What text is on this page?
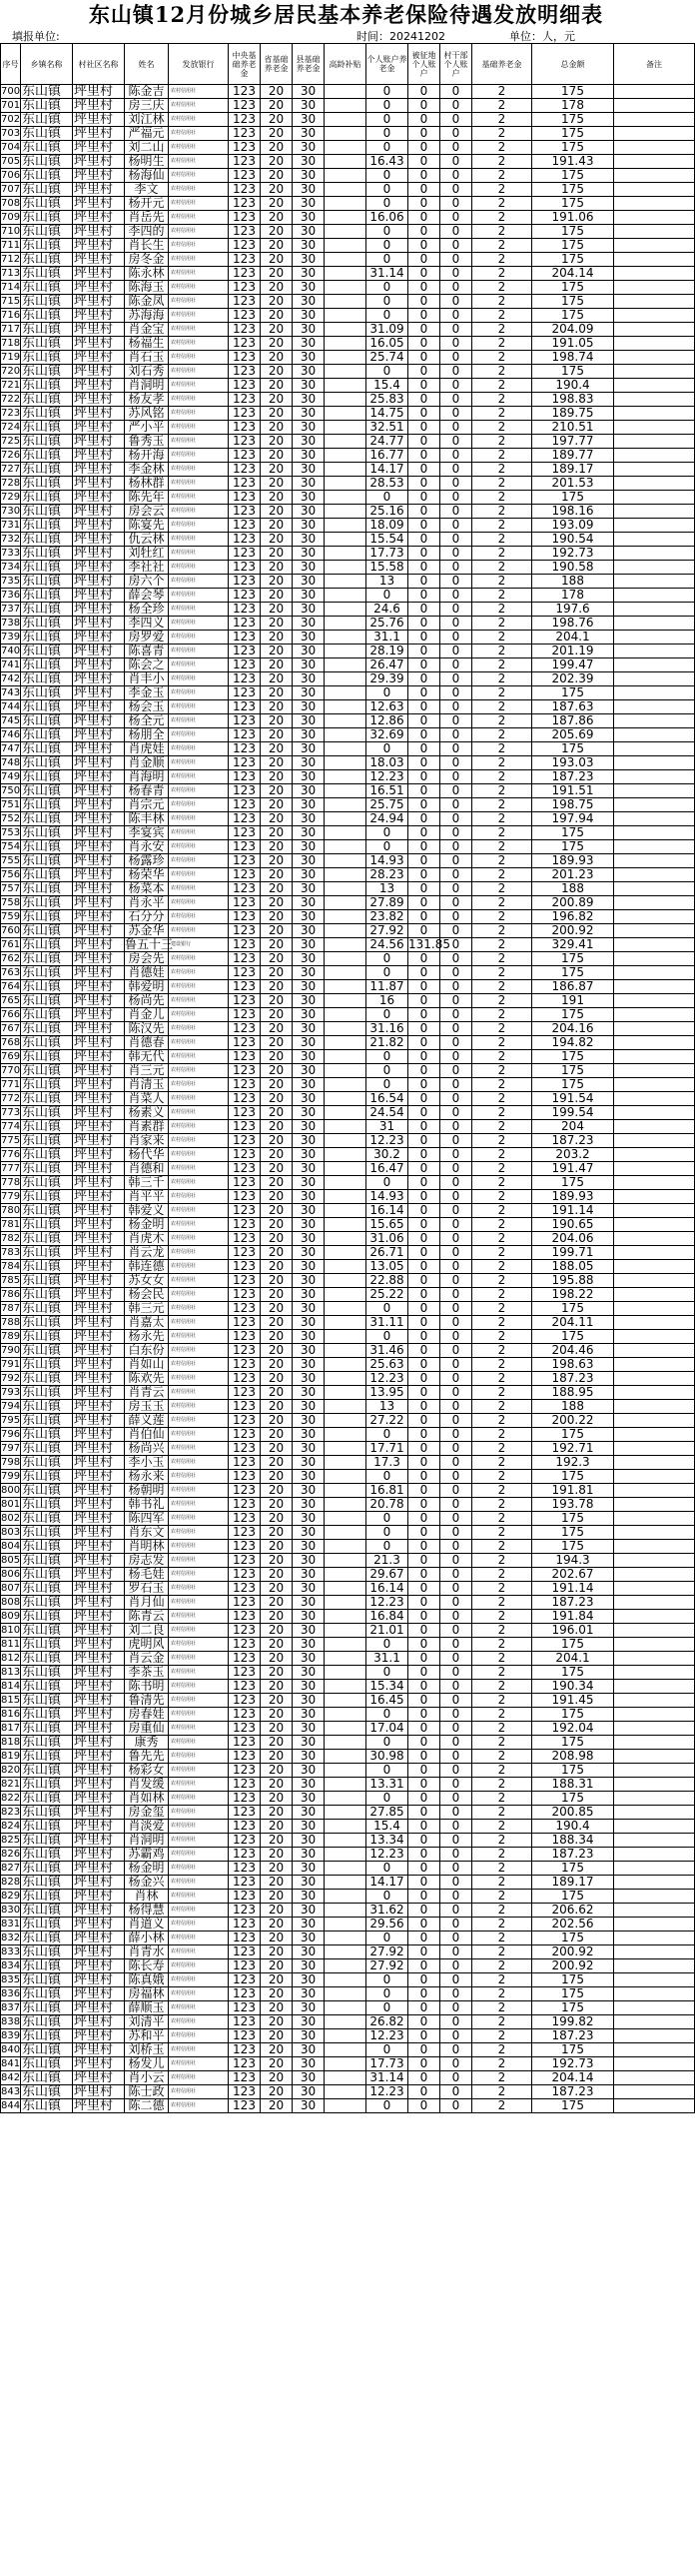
东山镇12月份城乡居民基本养老保险待遇发放明细表
填报单位:	时间：20241202	单位：人，元
序号	乡镇名称	村社区名称	姓名	发放银行	中央基础养老金	省基础养老金	县基础养老金	高龄补贴	个人账户养老金	被征地个人账户	村干部个人账户	基础养老金	总金额	备注
700	东山镇	坪里村	陈金吉	农村信用社	123	20	30		0	0	0	2	175	
701	东山镇	坪里村	房三庆	农村信用社	123	20	30		0	0	0	2	178	
702	东山镇	坪里村	刘江林	农村信用社	123	20	30		0	0	0	2	175	
703	东山镇	坪里村	严福元	农村信用社	123	20	30		0	0	0	2	175	
704	东山镇	坪里村	刘二山	农村信用社	123	20	30		0	0	0	2	175	
705	东山镇	坪里村	杨明生	农村信用社	123	20	30		16.43	0	0	2	191.43	
706	东山镇	坪里村	杨海仙	农村信用社	123	20	30		0	0	0	2	175	
707	东山镇	坪里村	李文	农村信用社	123	20	30		0	0	0	2	175	
708	东山镇	坪里村	杨开元	农村信用社	123	20	30		0	0	0	2	175	
709	东山镇	坪里村	肖岳先	农村信用社	123	20	30		16.06	0	0	2	191.06	
710	东山镇	坪里村	李四的	农村信用社	123	20	30		0	0	0	2	175	
711	东山镇	坪里村	肖长生	农村信用社	123	20	30		0	0	0	2	175	
712	东山镇	坪里村	房冬金	农村信用社	123	20	30		0	0	0	2	175	
713	东山镇	坪里村	陈永林	农村信用社	123	20	30		31.14	0	0	2	204.14	
714	东山镇	坪里村	陈海玉	农村信用社	123	20	30		0	0	0	2	175	
715	东山镇	坪里村	陈金凤	农村信用社	123	20	30		0	0	0	2	175	
716	东山镇	坪里村	苏海海	农村信用社	123	20	30		0	0	0	2	175	
717	东山镇	坪里村	肖金宝	农村信用社	123	20	30		31.09	0	0	2	204.09	
718	东山镇	坪里村	杨福生	农村信用社	123	20	30		16.05	0	0	2	191.05	
719	东山镇	坪里村	肖石玉	农村信用社	123	20	30		25.74	0	0	2	198.74	
720	东山镇	坪里村	刘石秀	农村信用社	123	20	30		0	0	0	2	175	
721	东山镇	坪里村	肖洞明	农村信用社	123	20	30		15.4	0	0	2	190.4	
722	东山镇	坪里村	杨友孝	农村信用社	123	20	30		25.83	0	0	2	198.83	
723	东山镇	坪里村	苏风铭	农村信用社	123	20	30		14.75	0	0	2	189.75	
724	东山镇	坪里村	严小平	农村信用社	123	20	30		32.51	0	0	2	210.51	
725	东山镇	坪里村	鲁秀玉	农村信用社	123	20	30		24.77	0	0	2	197.77	
726	东山镇	坪里村	杨开海	农村信用社	123	20	30		16.77	0	0	2	189.77	
727	东山镇	坪里村	李金林	农村信用社	123	20	30		14.17	0	0	2	189.17	
728	东山镇	坪里村	杨林群	农村信用社	123	20	30		28.53	0	0	2	201.53	
729	东山镇	坪里村	陈先年	农村信用社	123	20	30		0	0	0	2	175	
730	东山镇	坪里村	房会云	农村信用社	123	20	30		25.16	0	0	2	198.16	
731	东山镇	坪里村	陈宴先	农村信用社	123	20	30		18.09	0	0	2	193.09	
732	东山镇	坪里村	仇云林	农村信用社	123	20	30		15.54	0	0	2	190.54	
733	东山镇	坪里村	刘牡红	农村信用社	123	20	30		17.73	0	0	2	192.73	
734	东山镇	坪里村	李社社	农村信用社	123	20	30		15.58	0	0	2	190.58	
735	东山镇	坪里村	房六个	农村信用社	123	20	30		13	0	0	2	188	
736	东山镇	坪里村	薛会琴	农村信用社	123	20	30		0	0	0	2	178	
737	东山镇	坪里村	杨全珍	农村信用社	123	20	30		24.6	0	0	2	197.6	
738	东山镇	坪里村	李四义	农村信用社	123	20	30		25.76	0	0	2	198.76	
739	东山镇	坪里村	房罗爱	农村信用社	123	20	30		31.1	0	0	2	204.1	
740	东山镇	坪里村	陈喜青	农村信用社	123	20	30		28.19	0	0	2	201.19	
741	东山镇	坪里村	陈会之	农村信用社	123	20	30		26.47	0	0	2	199.47	
742	东山镇	坪里村	肖丰小	农村信用社	123	20	30		29.39	0	0	2	202.39	
743	东山镇	坪里村	李金玉	农村信用社	123	20	30		0	0	0	2	175	
744	东山镇	坪里村	杨会玉	农村信用社	123	20	30		12.63	0	0	2	187.63	
745	东山镇	坪里村	杨全元	农村信用社	123	20	30		12.86	0	0	2	187.86	
746	东山镇	坪里村	杨朋全	农村信用社	123	20	30		32.69	0	0	2	205.69	
747	东山镇	坪里村	肖虎娃	农村信用社	123	20	30		0	0	0	2	175	
748	东山镇	坪里村	肖金顺	农村信用社	123	20	30		18.03	0	0	2	193.03	
749	东山镇	坪里村	肖海明	农村信用社	123	20	30		12.23	0	0	2	187.23	
750	东山镇	坪里村	杨春青	农村信用社	123	20	30		16.51	0	0	2	191.51	
751	东山镇	坪里村	肖宗元	农村信用社	123	20	30		25.75	0	0	2	198.75	
752	东山镇	坪里村	陈丰林	农村信用社	123	20	30		24.94	0	0	2	197.94	
753	东山镇	坪里村	李宴宾	农村信用社	123	20	30		0	0	0	2	175	
754	东山镇	坪里村	肖永安	农村信用社	123	20	30		0	0	0	2	175	
755	东山镇	坪里村	杨露珍	农村信用社	123	20	30		14.93	0	0	2	189.93	
756	东山镇	坪里村	杨荣华	农村信用社	123	20	30		28.23	0	0	2	201.23	
757	东山镇	坪里村	杨菜本	农村信用社	123	20	30		13	0	0	2	188	
758	东山镇	坪里村	肖永平	农村信用社	123	20	30		27.89	0	0	2	200.89	
759	东山镇	坪里村	石分分	农村信用社	123	20	30		23.82	0	0	2	196.82	
760	东山镇	坪里村	苏金华	农村信用社	123	20	30		27.92	0	0	2	200.92	
761	东山镇	坪里村	鲁五十三	建设银行	123	20	30		24.56	131.85	0	2	329.41	
762	东山镇	坪里村	房会先	农村信用社	123	20	30		0	0	0	2	175	
763	东山镇	坪里村	肖德娃	农村信用社	123	20	30		0	0	0	2	175	
764	东山镇	坪里村	韩爱明	农村信用社	123	20	30		11.87	0	0	2	186.87	
765	东山镇	坪里村	杨尚先	农村信用社	123	20	30		16	0	0	2	191	
766	东山镇	坪里村	肖金儿	农村信用社	123	20	30		0	0	0	2	175	
767	东山镇	坪里村	陈汉先	农村信用社	123	20	30		31.16	0	0	2	204.16	
768	东山镇	坪里村	肖德春	农村信用社	123	20	30		21.82	0	0	2	194.82	
769	东山镇	坪里村	韩无代	农村信用社	123	20	30		0	0	0	2	175	
770	东山镇	坪里村	肖三元	农村信用社	123	20	30		0	0	0	2	175	
771	东山镇	坪里村	肖清玉	农村信用社	123	20	30		0	0	0	2	175	
772	东山镇	坪里村	肖菜人	农村信用社	123	20	30		16.54	0	0	2	191.54	
773	东山镇	坪里村	杨素义	农村信用社	123	20	30		24.54	0	0	2	199.54	
774	东山镇	坪里村	肖素群	农村信用社	123	20	30		31	0	0	2	204	
775	东山镇	坪里村	肖家来	农村信用社	123	20	30		12.23	0	0	2	187.23	
776	东山镇	坪里村	杨代华	农村信用社	123	20	30		30.2	0	0	2	203.2	
777	东山镇	坪里村	肖德和	农村信用社	123	20	30		16.47	0	0	2	191.47	
778	东山镇	坪里村	韩三千	农村信用社	123	20	30		0	0	0	2	175	
779	东山镇	坪里村	肖平平	农村信用社	123	20	30		14.93	0	0	2	189.93	
780	东山镇	坪里村	韩爱义	农村信用社	123	20	30		16.14	0	0	2	191.14	
781	东山镇	坪里村	杨金明	农村信用社	123	20	30		15.65	0	0	2	190.65	
782	东山镇	坪里村	肖虎木	农村信用社	123	20	30		31.06	0	0	2	204.06	
783	东山镇	坪里村	肖云龙	农村信用社	123	20	30		26.71	0	0	2	199.71	
784	东山镇	坪里村	韩连德	农村信用社	123	20	30		13.05	0	0	2	188.05	
785	东山镇	坪里村	苏女女	农村信用社	123	20	30		22.88	0	0	2	195.88	
786	东山镇	坪里村	杨会民	农村信用社	123	20	30		25.22	0	0	2	198.22	
787	东山镇	坪里村	韩三元	农村信用社	123	20	30		0	0	0	2	175	
788	东山镇	坪里村	肖嘉太	农村信用社	123	20	30		31.11	0	0	2	204.11	
789	东山镇	坪里村	杨永先	农村信用社	123	20	30		0	0	0	2	175	
790	东山镇	坪里村	白东份	农村信用社	123	20	30		31.46	0	0	2	204.46	
791	东山镇	坪里村	肖如山	农村信用社	123	20	30		25.63	0	0	2	198.63	
792	东山镇	坪里村	陈欢先	农村信用社	123	20	30		12.23	0	0	2	187.23	
793	东山镇	坪里村	肖青云	农村信用社	123	20	30		13.95	0	0	2	188.95	
794	东山镇	坪里村	房玉玉	农村信用社	123	20	30		13	0	0	2	188	
795	东山镇	坪里村	薛义莲	农村信用社	123	20	30		27.22	0	0	2	200.22	
796	东山镇	坪里村	肖伯仙	农村信用社	123	20	30		0	0	0	2	175	
797	东山镇	坪里村	杨尚兴	农村信用社	123	20	30		17.71	0	0	2	192.71	
798	东山镇	坪里村	李小玉	农村信用社	123	20	30		17.3	0	0	2	192.3	
799	东山镇	坪里村	杨永来	农村信用社	123	20	30		0	0	0	2	175	
800	东山镇	坪里村	杨朝明	农村信用社	123	20	30		16.81	0	0	2	191.81	
801	东山镇	坪里村	韩书礼	农村信用社	123	20	30		20.78	0	0	2	193.78	
802	东山镇	坪里村	陈四军	农村信用社	123	20	30		0	0	0	2	175	
803	东山镇	坪里村	肖东文	农村信用社	123	20	30		0	0	0	2	175	
804	东山镇	坪里村	肖明林	农村信用社	123	20	30		0	0	0	2	175	
805	东山镇	坪里村	房志发	农村信用社	123	20	30		21.3	0	0	2	194.3	
806	东山镇	坪里村	杨毛娃	农村信用社	123	20	30		29.67	0	0	2	202.67	
807	东山镇	坪里村	罗石玉	农村信用社	123	20	30		16.14	0	0	2	191.14	
808	东山镇	坪里村	肖月仙	农村信用社	123	20	30		12.23	0	0	2	187.23	
809	东山镇	坪里村	陈青云	农村信用社	123	20	30		16.84	0	0	2	191.84	
810	东山镇	坪里村	刘二良	农村信用社	123	20	30		21.01	0	0	2	196.01	
811	东山镇	坪里村	虎明风	农村信用社	123	20	30		0	0	0	2	175	
812	东山镇	坪里村	肖云金	农村信用社	123	20	30		31.1	0	0	2	204.1	
813	东山镇	坪里村	李茶玉	农村信用社	123	20	30		0	0	0	2	175	
814	东山镇	坪里村	陈书明	农村信用社	123	20	30		15.34	0	0	2	190.34	
815	东山镇	坪里村	鲁清先	农村信用社	123	20	30		16.45	0	0	2	191.45	
816	东山镇	坪里村	房春娃	农村信用社	123	20	30		0	0	0	2	175	
817	东山镇	坪里村	房重仙	农村信用社	123	20	30		17.04	0	0	2	192.04	
818	东山镇	坪里村	康秀	农村信用社	123	20	30		0	0	0	2	175	
819	东山镇	坪里村	鲁先先	农村信用社	123	20	30		30.98	0	0	2	208.98	
820	东山镇	坪里村	杨彩女	农村信用社	123	20	30		0	0	0	2	175	
821	东山镇	坪里村	肖发缓	农村信用社	123	20	30		13.31	0	0	2	188.31	
822	东山镇	坪里村	肖如林	农村信用社	123	20	30		0	0	0	2	175	
823	东山镇	坪里村	房金玺	农村信用社	123	20	30		27.85	0	0	2	200.85	
824	东山镇	坪里村	肖淡爱	农村信用社	123	20	30		15.4	0	0	2	190.4	
825	东山镇	坪里村	肖洞明	农村信用社	123	20	30		13.34	0	0	2	188.34	
826	东山镇	坪里村	苏霸鸡	农村信用社	123	20	30		12.23	0	0	2	187.23	
827	东山镇	坪里村	杨金明	农村信用社	123	20	30		0	0	0	2	175	
828	东山镇	坪里村	杨金兴	农村信用社	123	20	30		14.17	0	0	2	189.17	
829	东山镇	坪里村	肖林	农村信用社	123	20	30		0	0	0	2	175	
830	东山镇	坪里村	杨得慧	农村信用社	123	20	30		31.62	0	0	2	206.62	
831	东山镇	坪里村	肖道义	农村信用社	123	20	30		29.56	0	0	2	202.56	
832	东山镇	坪里村	薛小林	农村信用社	123	20	30		0	0	0	2	175	
833	东山镇	坪里村	肖青水	农村信用社	123	20	30		27.92	0	0	2	200.92	
834	东山镇	坪里村	陈长寿	农村信用社	123	20	30		27.92	0	0	2	200.92	
835	东山镇	坪里村	陈真娥	农村信用社	123	20	30		0	0	0	2	175	
836	东山镇	坪里村	房福林	农村信用社	123	20	30		0	0	0	2	175	
837	东山镇	坪里村	薛顺玉	农村信用社	123	20	30		0	0	0	2	175	
838	东山镇	坪里村	刘清平	农村信用社	123	20	30		26.82	0	0	2	199.82	
839	东山镇	坪里村	苏和平	农村信用社	123	20	30		12.23	0	0	2	187.23	
840	东山镇	坪里村	刘桥玉	农村信用社	123	20	30		0	0	0	2	175	
841	东山镇	坪里村	杨发儿	农村信用社	123	20	30		17.73	0	0	2	192.73	
842	东山镇	坪里村	肖小云	农村信用社	123	20	30		31.14	0	0	2	204.14	
843	东山镇	坪里村	陈士政	农村信用社	123	20	30		12.23	0	0	2	187.23	
844	东山镇	坪里村	陈二德	农村信用社	123	20	30		0	0	0	2	175	
